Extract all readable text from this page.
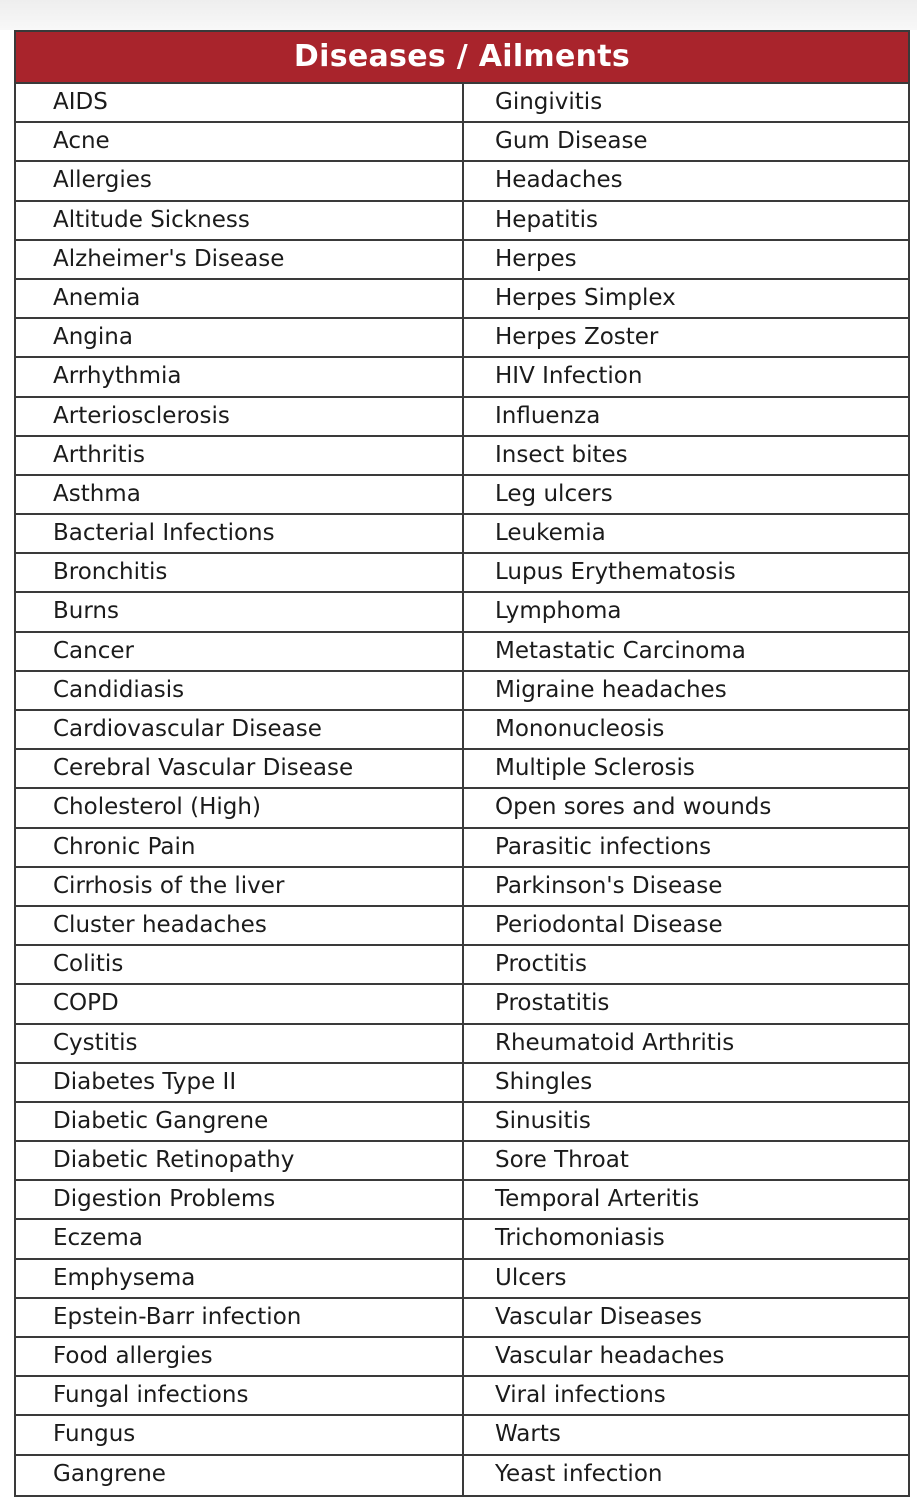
Diseases / Ailments
AIDS	Gingivitis
Acne	Gum Disease
Allergies	Headaches
Altitude Sickness	Hepatitis
Alzheimer's Disease	Herpes
Anemia	Herpes Simplex
Angina	Herpes Zoster
Arrhythmia	HIV Infection
Arteriosclerosis	Influenza
Arthritis	Insect bites
Asthma	Leg ulcers
Bacterial Infections	Leukemia
Bronchitis	Lupus Erythematosis
Burns	Lymphoma
Cancer	Metastatic Carcinoma
Candidiasis	Migraine headaches
Cardiovascular Disease	Mononucleosis
Cerebral Vascular Disease	Multiple Sclerosis
Cholesterol (High)	Open sores and wounds
Chronic Pain	Parasitic infections
Cirrhosis of the liver	Parkinson's Disease
Cluster headaches	Periodontal Disease
Colitis	Proctitis
COPD	Prostatitis
Cystitis	Rheumatoid Arthritis
Diabetes Type II	Shingles
Diabetic Gangrene	Sinusitis
Diabetic Retinopathy	Sore Throat
Digestion Problems	Temporal Arteritis
Eczema	Trichomoniasis
Emphysema	Ulcers
Epstein-Barr infection	Vascular Diseases
Food allergies	Vascular headaches
Fungal infections	Viral infections
Fungus	Warts
Gangrene	Yeast infection
